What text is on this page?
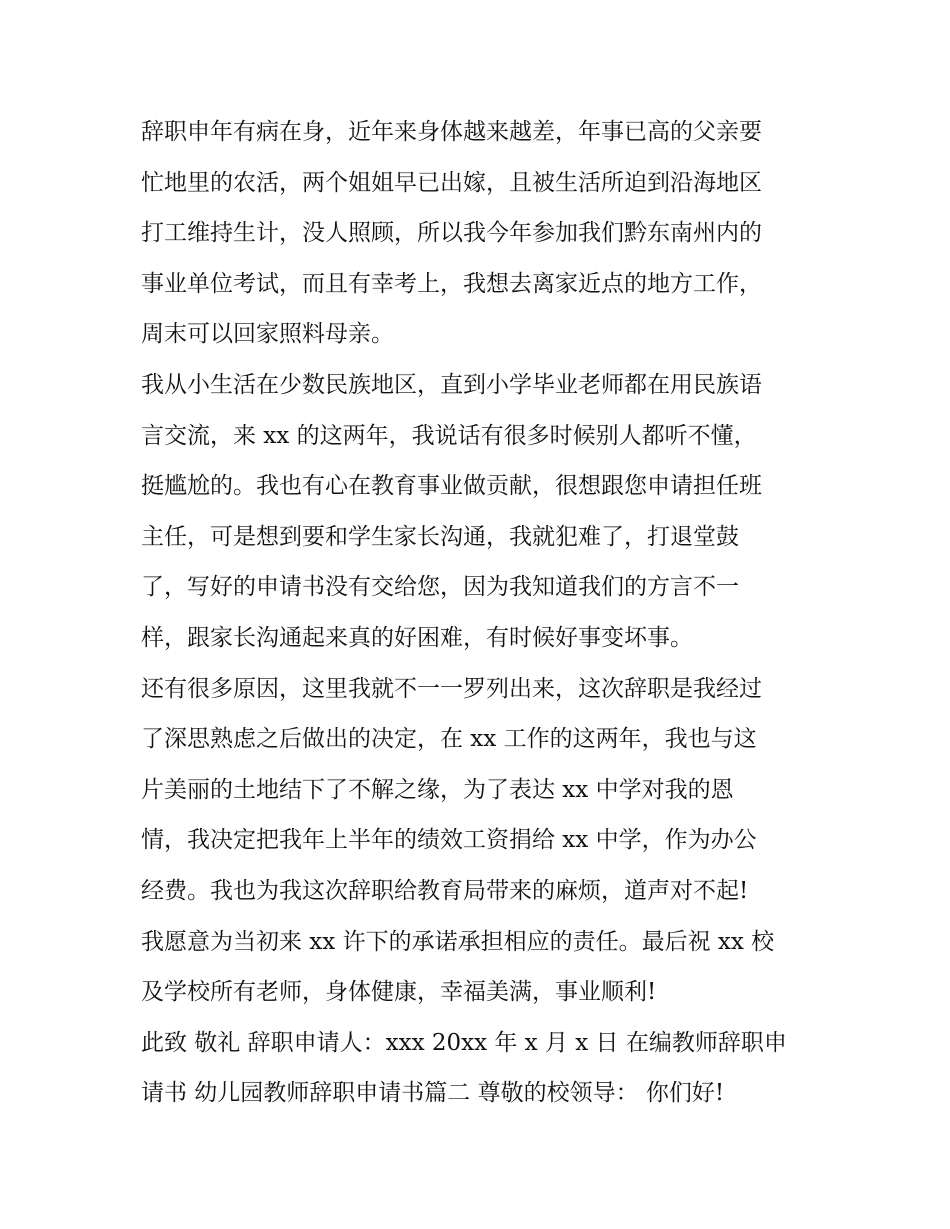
辞职申年有病在身，近年来身体越来越差，年事已高的父亲要
忙地里的农活，两个姐姐早已出嫁，且被生活所迫到沿海地区
打工维持生计，没人照顾，所以我今年参加我们黔东南州内的
事业单位考试，而且有幸考上，我想去离家近点的地方工作，
周末可以回家照料母亲。
我从小生活在少数民族地区，直到小学毕业老师都在用民族语
言交流，来 xx 的这两年，我说话有很多时候别人都听不懂，
挺尴尬的。我也有心在教育事业做贡献，很想跟您申请担任班
主任，可是想到要和学生家长沟通，我就犯难了，打退堂鼓
了，写好的申请书没有交给您，因为我知道我们的方言不一
样，跟家长沟通起来真的好困难，有时候好事变坏事。
还有很多原因，这里我就不一一罗列出来，这次辞职是我经过
了深思熟虑之后做出的决定，在 xx 工作的这两年，我也与这
片美丽的土地结下了不解之缘，为了表达 xx 中学对我的恩
情，我决定把我年上半年的绩效工资捐给 xx 中学，作为办公
经费。我也为我这次辞职给教育局带来的麻烦，道声对不起!
我愿意为当初来 xx 许下的承诺承担相应的责任。最后祝 xx 校
及学校所有老师，身体健康，幸福美满，事业顺利!
此致 敬礼 辞职申请人：xxx 20xx 年 x 月 x 日 在编教师辞职申
请书 幼儿园教师辞职申请书篇二 尊敬的校领导： 你们好!
